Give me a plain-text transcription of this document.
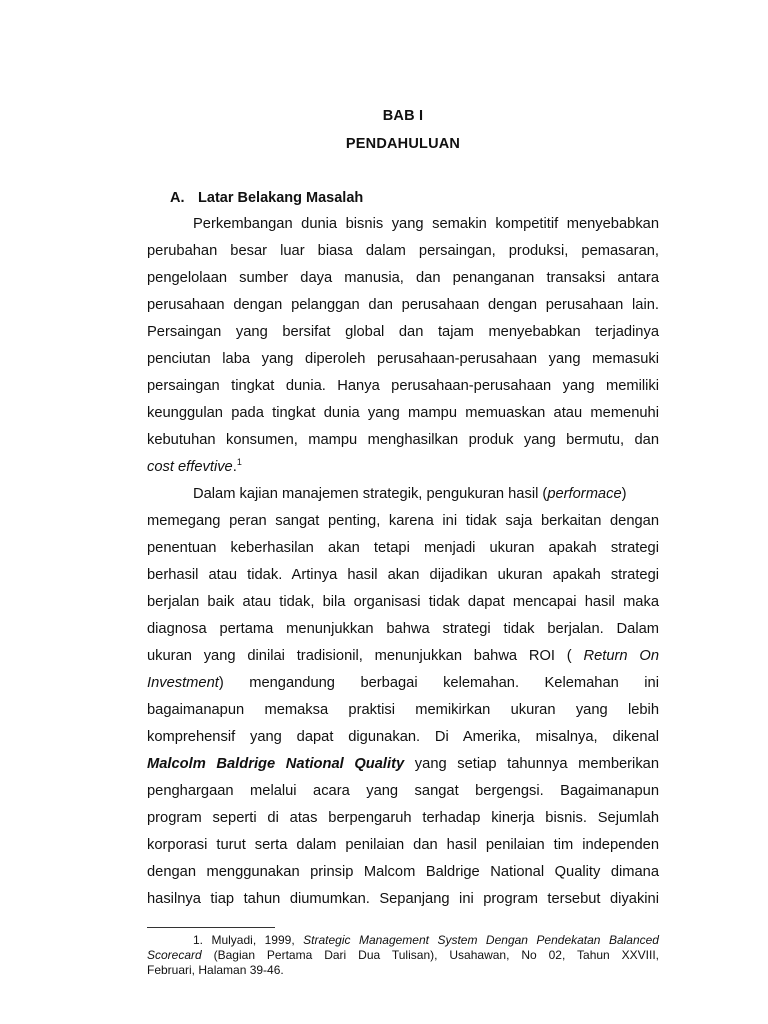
BAB I
PENDAHULUAN
A. Latar Belakang Masalah
Perkembangan dunia bisnis yang semakin kompetitif menyebabkan
perubahan besar luar biasa dalam persaingan, produksi, pemasaran,
pengelolaan sumber daya manusia, dan penanganan transaksi antara
perusahaan dengan pelanggan dan perusahaan dengan perusahaan lain.
Persaingan yang bersifat global dan tajam menyebabkan terjadinya
penciutan laba yang diperoleh perusahaan-perusahaan yang memasuki
persaingan tingkat dunia. Hanya perusahaan-perusahaan yang memiliki
keunggulan pada tingkat dunia yang mampu memuaskan atau memenuhi
kebutuhan konsumen, mampu menghasilkan produk yang bermutu, dan
cost effevtive.$^1$
Dalam kajian manajemen strategik, pengukuran hasil (performace)
memegang peran sangat penting, karena ini tidak saja berkaitan dengan
penentuan keberhasilan akan tetapi menjadi ukuran apakah strategi
berhasil atau tidak. Artinya hasil akan dijadikan ukuran apakah strategi
berjalan baik atau tidak, bila organisasi tidak dapat mencapai hasil maka
diagnosa pertama menunjukkan bahwa strategi tidak berjalan. Dalam
ukuran yang dinilai tradisionil, menunjukkan bahwa ROI ( Return On
Investment) mengandung berbagai kelemahan. Kelemahan ini
bagaimanapun memaksa praktisi memikirkan ukuran yang lebih
komprehensif yang dapat digunakan. Di Amerika, misalnya, dikenal
Malcolm Baldrige National Quality yang setiap tahunnya memberikan
penghargaan melalui acara yang sangat bergengsi. Bagaimanapun
program seperti di atas berpengaruh terhadap kinerja bisnis. Sejumlah
korporasi turut serta dalam penilaian dan hasil penilaian tim independen
dengan menggunakan prinsip Malcom Baldrige National Quality dimana
hasilnya tiap tahun diumumkan. Sepanjang ini program tersebut diyakini
1. Mulyadi, 1999, Strategic Management System Dengan Pendekatan Balanced
Scorecard (Bagian Pertama Dari Dua Tulisan), Usahawan, No 02, Tahun XXVIII,
Februari, Halaman 39-46.
